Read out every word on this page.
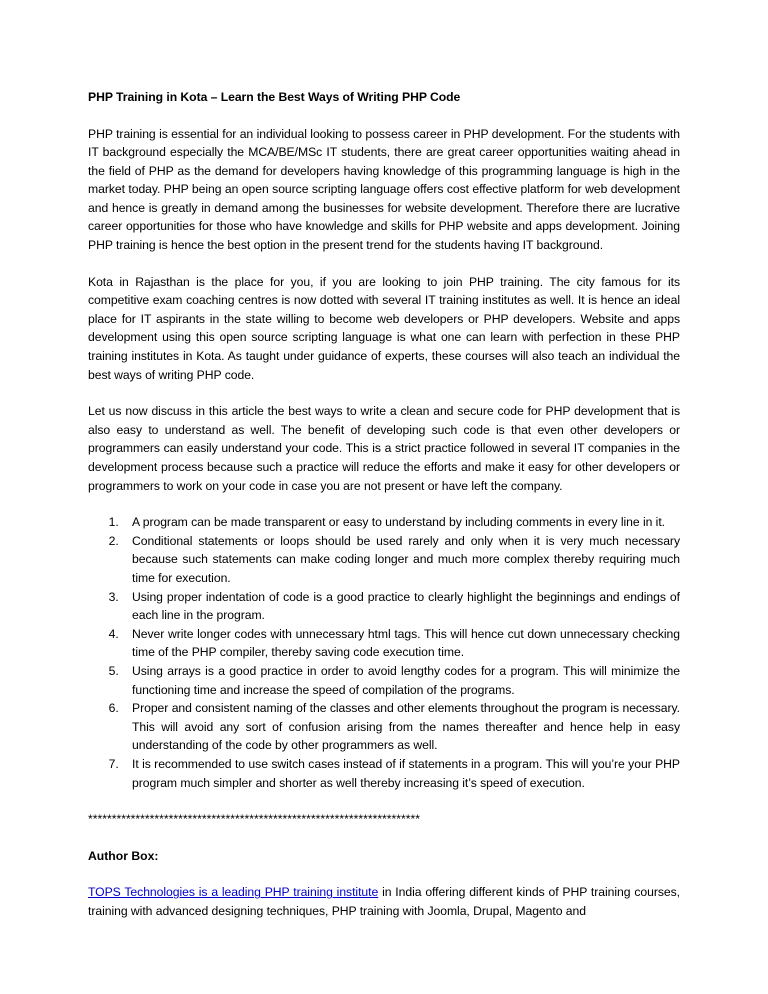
PHP Training in Kota – Learn the Best Ways of Writing PHP Code

PHP training is essential for an individual looking to possess career in PHP development. For the students with IT background especially the MCA/BE/MSc IT students, there are great career opportunities waiting ahead in the field of PHP as the demand for developers having knowledge of this programming language is high in the market today. PHP being an open source scripting language offers cost effective platform for web development and hence is greatly in demand among the businesses for website development. Therefore there are lucrative career opportunities for those who have knowledge and skills for PHP website and apps development. Joining PHP training is hence the best option in the present trend for the students having IT background.

Kota in Rajasthan is the place for you, if you are looking to join PHP training. The city famous for its competitive exam coaching centres is now dotted with several IT training institutes as well. It is hence an ideal place for IT aspirants in the state willing to become web developers or PHP developers. Website and apps development using this open source scripting language is what one can learn with perfection in these PHP training institutes in Kota. As taught under guidance of experts, these courses will also teach an individual the best ways of writing PHP code.

Let us now discuss in this article the best ways to write a clean and secure code for PHP development that is also easy to understand as well. The benefit of developing such code is that even other developers or programmers can easily understand your code. This is a strict practice followed in several IT companies in the development process because such a practice will reduce the efforts and make it easy for other developers or programmers to work on your code in case you are not present or have left the company.

1. A program can be made transparent or easy to understand by including comments in every line in it.
2. Conditional statements or loops should be used rarely and only when it is very much necessary because such statements can make coding longer and much more complex thereby requiring much time for execution.
3. Using proper indentation of code is a good practice to clearly highlight the beginnings and endings of each line in the program.
4. Never write longer codes with unnecessary html tags. This will hence cut down unnecessary checking time of the PHP compiler, thereby saving code execution time.
5. Using arrays is a good practice in order to avoid lengthy codes for a program. This will minimize the functioning time and increase the speed of compilation of the programs.
6. Proper and consistent naming of the classes and other elements throughout the program is necessary. This will avoid any sort of confusion arising from the names thereafter and hence help in easy understanding of the code by other programmers as well.
7. It is recommended to use switch cases instead of if statements in a program. This will you’re your PHP program much simpler and shorter as well thereby increasing it’s speed of execution.
**********************************************************************
Author Box:

TOPS Technologies is a leading PHP training institute in India offering different kinds of PHP training courses, training with advanced designing techniques, PHP training with Joomla, Drupal, Magento and
